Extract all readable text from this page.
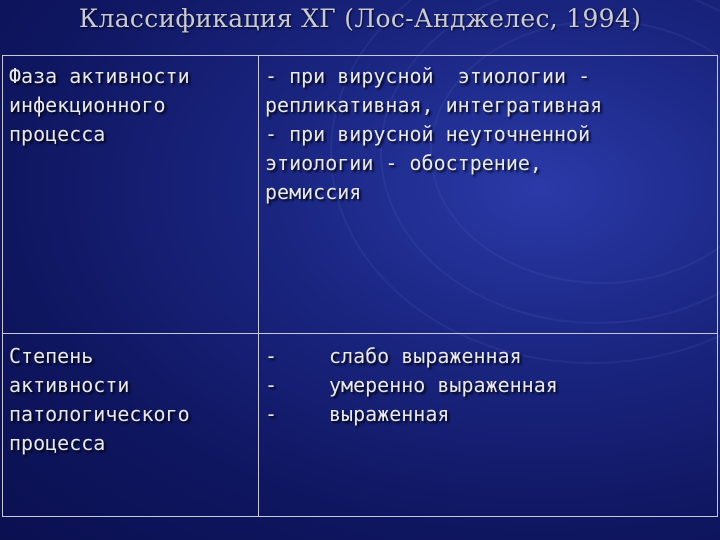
Классификация ХГ (Лос-Анджелес, 1994)
Фаза активности
инфекционного
процесса	- при вирусной  этиологии -
репликативная, интегративная
- при вирусной неуточненной
этиологии - обострение,
ремиссия

Степень
активности
патологического
процесса	- слабо выраженная
- умеренно выраженная
- выраженная
